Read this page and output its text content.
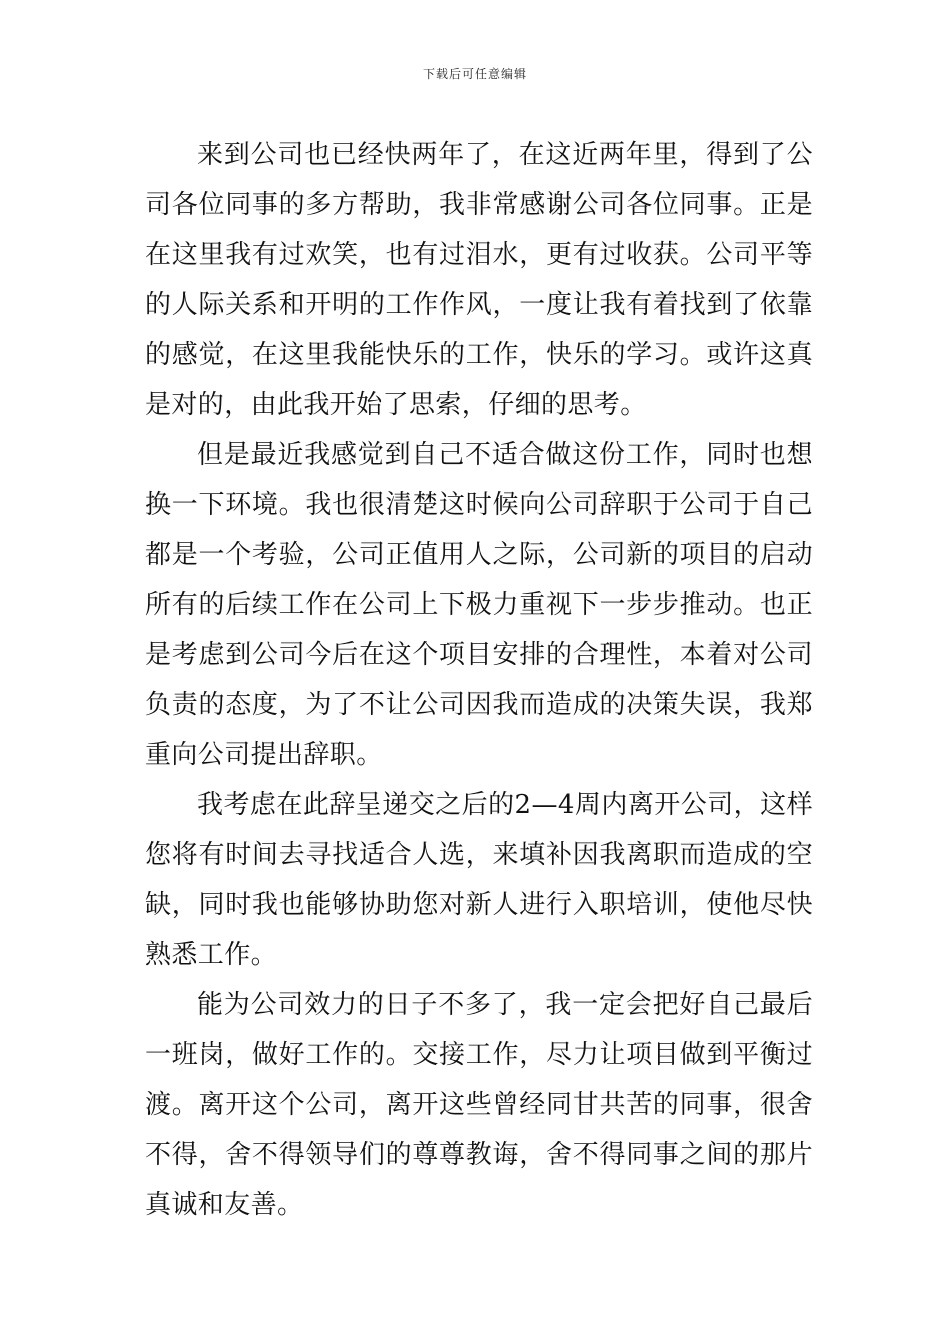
下载后可任意编辑

来到公司也已经快两年了，在这近两年里，得到了公司各位同事的多方帮助，我非常感谢公司各位同事。正是在这里我有过欢笑，也有过泪水，更有过收获。公司平等的人际关系和开明的工作作风，一度让我有着找到了依靠的感觉，在这里我能快乐的工作，快乐的学习。或许这真是对的，由此我开始了思索，仔细的思考。

但是最近我感觉到自己不适合做这份工作，同时也想换一下环境。我也很清楚这时候向公司辞职于公司于自己都是一个考验，公司正值用人之际，公司新的项目的启动所有的后续工作在公司上下极力重视下一步步推动。也正是考虑到公司今后在这个项目安排的合理性，本着对公司负责的态度，为了不让公司因我而造成的决策失误，我郑重向公司提出辞职。

我考虑在此辞呈递交之后的2—4周内离开公司，这样您将有时间去寻找适合人选，来填补因我离职而造成的空缺，同时我也能够协助您对新人进行入职培训，使他尽快熟悉工作。

能为公司效力的日子不多了，我一定会把好自己最后一班岗，做好工作的。交接工作，尽力让项目做到平衡过渡。离开这个公司，离开这些曾经同甘共苦的同事，很舍不得，舍不得领导们的尊尊教诲，舍不得同事之间的那片真诚和友善。
